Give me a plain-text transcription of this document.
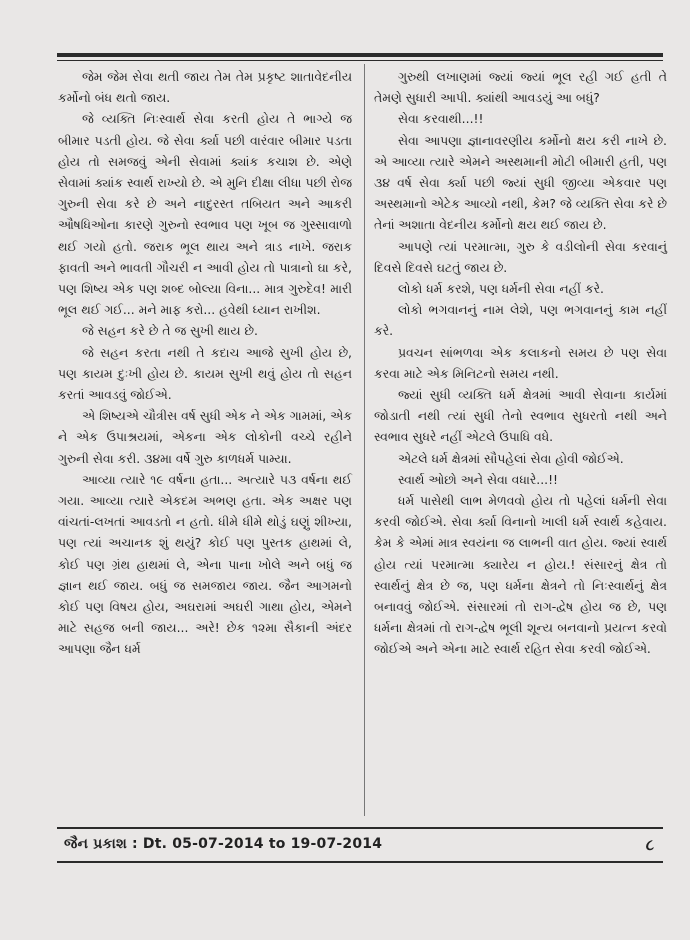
જેમ જેમ સેવા થતી જાય તેમ તેમ પ્રકૃષ્ટ શાતાવેદનીય કર્મોનો બંધ થતો જાય.

જે વ્યક્તિ નિઃસ્વાર્થ સેવા કરતી હોય તે ભાગ્યે જ બીમાર પડતી હોય. જે સેવા ર્ક્યા પછી વારંવાર બીમાર પડતા હોય તો સમજવું એની સેવામાં ક્યાંક કચાશ છે. એણે સેવામાં ક્યાંક સ્વાર્થ રાખ્યો છે. એ મુનિ દીક્ષા લીધા પછી રોજ ગુરુની સેવા કરે છે અને નાદુરસ્ત તબિયત અને આકરી ઔષધિઓના કારણે ગુરુનો સ્વભાવ પણ ખૂબ જ ગુસ્સાવાળો થઈ ગયો હતો. જરાક ભૂલ થાય અને ત્રાડ નાખે. જરાક ફાવતી અને ભાવતી ગૌચરી ન આવી હોય તો પાત્રાનો ઘા કરે, પણ શિષ્ય એક પણ શબ્દ બોલ્યા વિના... માત્ર ગુરુદેવ! મારી ભૂલ થઈ ગઈ... મને માફ કરો... હવેથી ધ્યાન રાખીશ.

જે સહન કરે છે તે જ સુખી થાય છે.

જે સહન કરતા નથી તે કદાચ આજે સુખી હોય છે, પણ કાયમ દુઃખી હોય છે. કાયમ સુખી થવું હોય તો સહન કરતાં આવડવું જોઈએ.

એ શિષ્યએ ચૌત્રીસ વર્ષ સુધી એક ને એક ગામમાં, એક ને એક ઉપાશ્રયમાં, એકના એક લોકોની વચ્ચે રહીને ગુરુની સેવા કરી. ૩૪મા વર્ષે ગુરુ કાળધર્મ પામ્યા.

આવ્યા ત્યારે ૧૯ વર્ષના હતા... અત્યારે ૫૩ વર્ષના થઈ ગયા. આવ્યા ત્યારે એકદમ અભણ હતા. એક અક્ષર પણ વાંચતાં-લખતાં આવડતો ન હતો. ધીમે ધીમે થોડું ઘણું શીખ્યા, પણ ત્યાં અચાનક શું થયું? કોઈ પણ પુસ્તક હાથમાં લે, કોઈ પણ ગ્રંથ હાથમાં લે, એના પાના ખોલે અને બધું જ જ્ઞાન થઈ જાય. બધું જ સમજાય જાય. જૈન આગમનો કોઈ પણ વિષય હોય, અઘરામાં અઘરી ગાથા હોય, એમને માટે સહજ બની જાય... અરે! છેક ૧૨મા સૈકાની અંદર આપણા જૈન ધર્મ

ગુરુથી લખાણમાં જ્યાં જ્યાં ભૂલ રહી ગઈ હતી તે તેમણે સુધારી આપી. ક્યાંથી આવડયું આ બધું?

સેવા કરવાથી...!!

સેવા આપણા જ્ઞાનાવરણીય કર્મોનો ક્ષય કરી નાખે છે. એ આવ્યા ત્યારે એમને અસ્થમાની મોટી બીમારી હતી, પણ ૩૪ વર્ષ સેવા ર્ક્યા પછી જ્યાં સુધી જીવ્યા એકવાર પણ અસ્થમાનો એટેક આવ્યો નથી, કેમ? જે વ્યક્તિ સેવા કરે છે તેનાં અશાતા વેદનીય કર્મોનો ક્ષય થઈ જાય છે.

આપણે ત્યાં પરમાત્મા, ગુરુ કે વડીલોની સેવા કરવાનું દિવસે દિવસે ઘટતું જાય છે.

લોકો ધર્મ કરશે, પણ ધર્મની સેવા નહીં કરે.

લોકો ભગવાનનું નામ લેશે, પણ ભગવાનનું કામ નહીં કરે.

પ્રવચન સાંભળવા એક કલાકનો સમય છે પણ સેવા કરવા માટે એક મિનિટનો સમય નથી.

જ્યાં સુધી વ્યક્તિ ધર્મ ક્ષેત્રમાં આવી સેવાના કાર્યમાં જોડાતી નથી ત્યાં સુધી તેનો સ્વભાવ સુધરતો નથી અને સ્વભાવ સુધરે નહીં એટલે ઉપાધિ વધે.

એટલે ધર્મ ક્ષેત્રમાં સૌપહેલાં સેવા હોવી જોઈએ.

સ્વાર્થ ઓછો અને સેવા વધારે...!!

ધર્મ પાસેથી લાભ મેળવવો હોય તો પહેલાં ધર્મની સેવા કરવી જોઈએ. સેવા ર્ક્યા વિનાનો ખાલી ધર્મ સ્વાર્થ કહેવાય. કેમ કે એમાં માત્ર સ્વયંના જ લાભની વાત હોય. જ્યાં સ્વાર્થ હોય ત્યાં પરમાત્મા ક્યારેય ન હોય.! સંસારનું ક્ષેત્ર તો સ્વાર્થનું ક્ષેત્ર છે જ, પણ ધર્મના ક્ષેત્રને તો નિઃસ્વાર્થનું ક્ષેત્ર બનાવવું જોઈએ. સંસારમાં તો રાગ-દ્વેષ હોય જ છે, પણ ધર્મના ક્ષેત્રમાં તો રાગ-દ્વેષ ભૂલી શૂન્ય બનવાનો પ્રયત્ન કરવો જોઈએ અને એના માટે સ્વાર્થ રહિત સેવા કરવી જોઈએ.

જૈન પ્રકાશ : Dt. 05-07-2014 to 19-07-2014	૮
